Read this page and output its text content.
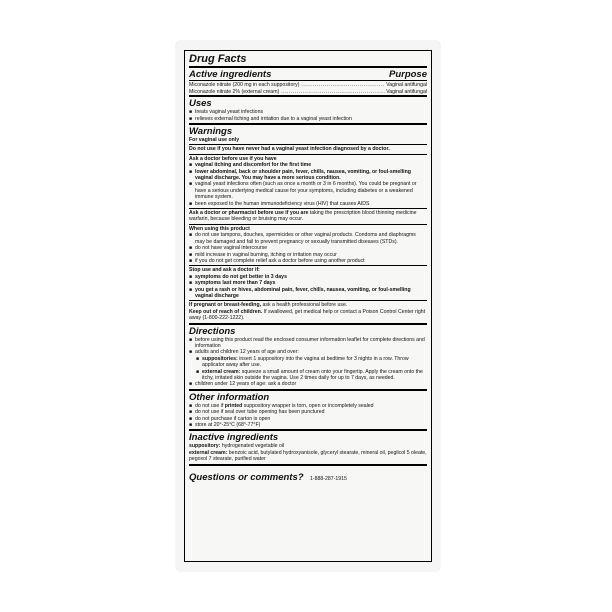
Drug Facts
Active ingredients	Purpose
Miconazole nitrate (200 mg in each suppository) .....	Vaginal antifungal
Miconazole nitrate 2% (external cream) .....	Vaginal antifungal
Uses
■ treats vaginal yeast infections
■ relieves external itching and irritation due to a vaginal yeast infection
Warnings
For vaginal use only
Do not use if you have never had a vaginal yeast infection diagnosed by a doctor.
Ask a doctor before use if you have
■ vaginal itching and discomfort for the first time
■ lower abdominal, back or shoulder pain, fever, chills, nausea, vomiting, or foul-smelling vaginal discharge. You may have a more serious condition.
■ vaginal yeast infections often (such as once a month or 3 in 6 months). You could be pregnant or have a serious underlying medical cause for your symptoms, including diabetes or a weakened immune system.
■ been exposed to the human immunodeficiency virus (HIV) that causes AIDS
Ask a doctor or pharmacist before use if you are taking the prescription blood thinning medicine warfarin, because bleeding or bruising may occur.
When using this product
■ do not use tampons, douches, spermicides or other vaginal products. Condoms and diaphragms may be damaged and fail to prevent pregnancy or sexually transmitted diseases (STDs).
■ do not have vaginal intercourse
■ mild increase in vaginal burning, itching or irritation may occur
■ if you do not get complete relief ask a doctor before using another product
Stop use and ask a doctor if:
■ symptoms do not get better in 3 days
■ symptoms last more than 7 days
■ you get a rash or hives, abdominal pain, fever, chills, nausea, vomiting, or foul-smelling vaginal discharge
If pregnant or breast-feeding, ask a health professional before use.
Keep out of reach of children. If swallowed, get medical help or contact a Poison Control Center right away (1-800-222-1222).
Directions
■ before using this product read the enclosed consumer information leaflet for complete directions and information
■ adults and children 12 years of age and over:
■ suppositories: insert 1 suppository into the vagina at bedtime for 3 nights in a row. Throw applicator away after use.
■ external cream: squeeze a small amount of cream onto your fingertip. Apply the cream onto the itchy, irritated skin outside the vagina. Use 2 times daily for up to 7 days, as needed.
■ children under 12 years of age: ask a doctor
Other information
■ do not use if printed suppository wrapper is torn, open or incompletely sealed
■ do not use if seal over tube opening has been punctured
■ do not purchase if carton is open
■ store at 20°-25°C (68°-77°F)
Inactive ingredients
suppository: hydrogenated vegetable oil
external cream: benzoic acid, butylated hydroxyanisole, glyceryl stearate, mineral oil, peglicol 5 oleate, pegoxol 7 stearate, purified water
Questions or comments? 1-888-287-1915
